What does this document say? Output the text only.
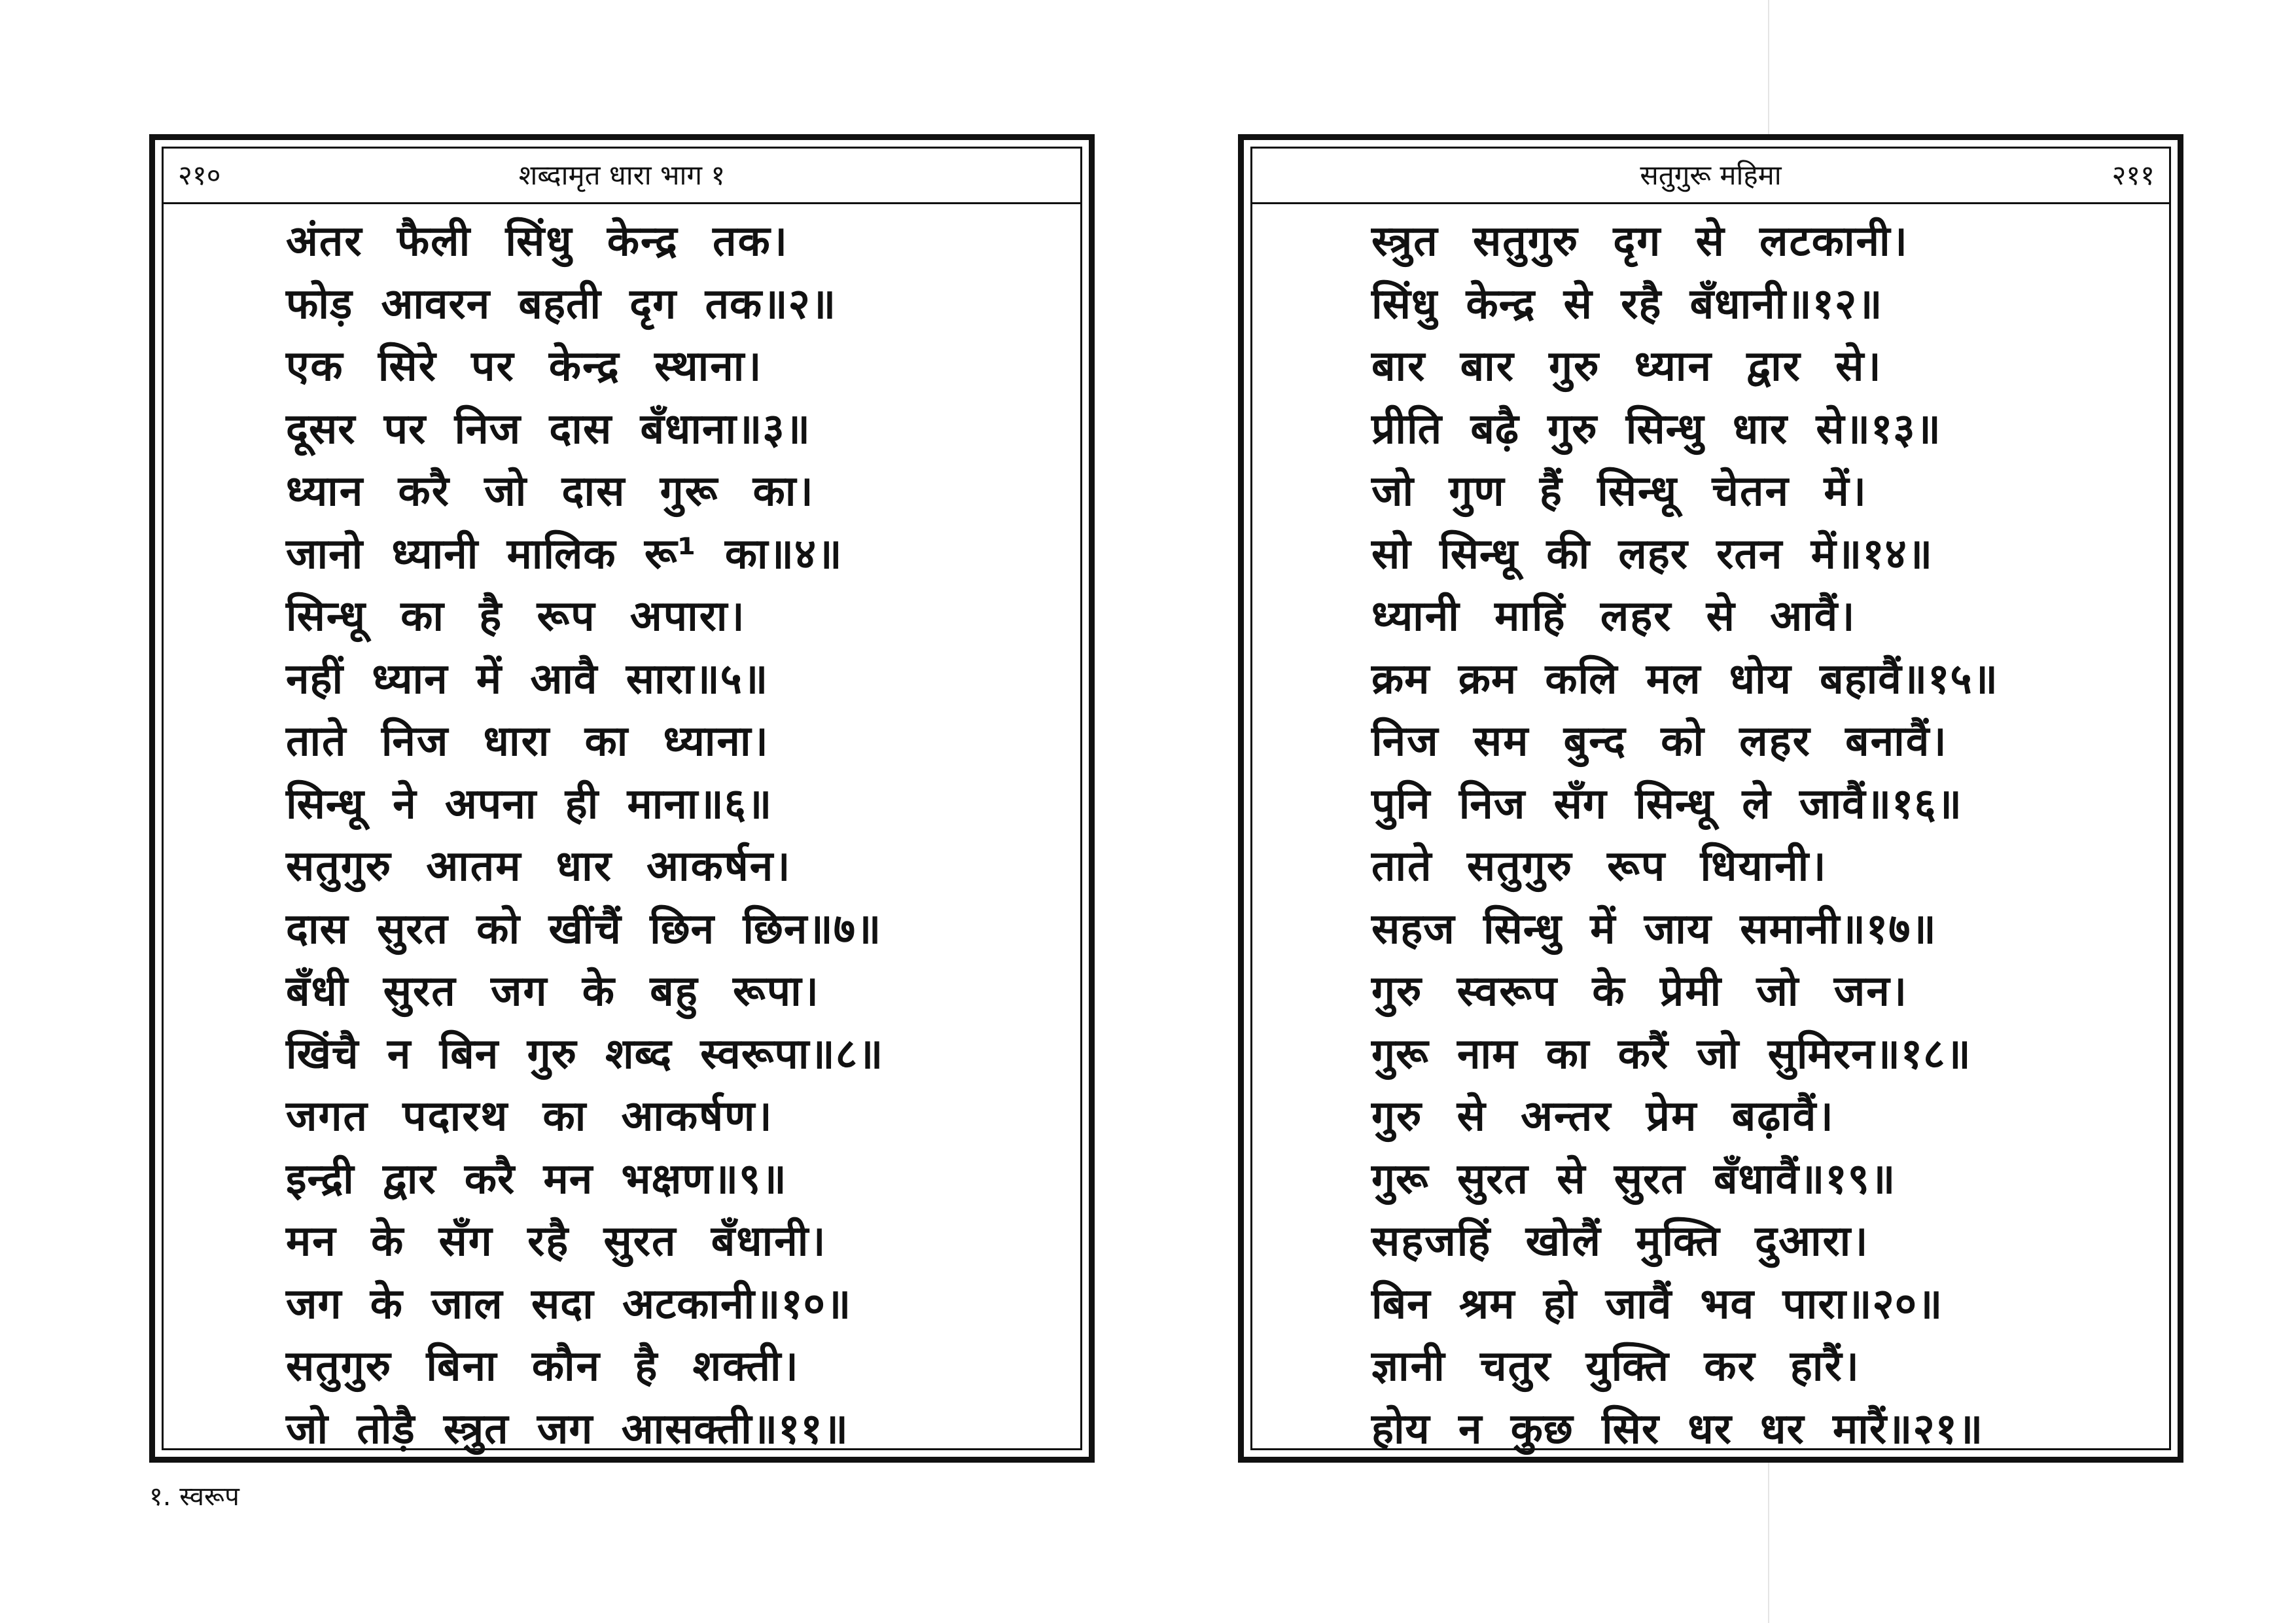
२१०	शब्दामृत धारा भाग १
अंतर फैली सिंधु केन्द्र तक।
फोड़ आवरन बहती दृग तक॥२॥
एक सिरे पर केन्द्र स्थाना।
दूसर पर निज दास बँधाना॥३॥
ध्यान करै जो दास गुरू का।
जानो ध्यानी मालिक रू¹ का॥४॥
सिन्धू का है रूप अपारा।
नहीं ध्यान में आवै सारा॥५॥
ताते निज धारा का ध्याना।
सिन्धू ने अपना ही माना॥६॥
सतुगुरु आतम धार आकर्षन।
दास सुरत को खींचैं छिन छिन॥७॥
बँधी सुरत जग के बहु रूपा।
खिंचै न बिन गुरु शब्द स्वरूपा॥८॥
जगत पदारथ का आकर्षण।
इन्द्री द्वार करै मन भक्षण॥९॥
मन के सँग रहै सुरत बँधानी।
जग के जाल सदा अटकानी॥१०॥
सतुगुरु बिना कौन है शक्ती।
जो तोड़ै स्त्रुत जग आसक्ती॥११॥
सतुगुरू महिमा	२११
स्त्रुत सतुगुरु दृग से लटकानी।
सिंधु केन्द्र से रहै बँधानी॥१२॥
बार बार गुरु ध्यान द्वार से।
प्रीति बढ़ै गुरु सिन्धु धार से॥१३॥
जो गुण हैं सिन्धू चेतन में।
सो सिन्धू की लहर रतन में॥१४॥
ध्यानी माहिं लहर से आवैं।
क्रम क्रम कलि मल धोय बहावैं॥१५॥
निज सम बुन्द को लहर बनावैं।
पुनि निज सँग सिन्धू ले जावैं॥१६॥
ताते सतुगुरु रूप धियानी।
सहज सिन्धु में जाय समानी॥१७॥
गुरु स्वरूप के प्रेमी जो जन।
गुरू नाम का करैं जो सुमिरन॥१८॥
गुरु से अन्तर प्रेम बढ़ावैं।
गुरू सुरत से सुरत बँधावैं॥१९॥
सहजहिं खोलैं मुक्ति दुआरा।
बिन श्रम हो जावैं भव पारा॥२०॥
ज्ञानी चतुर युक्ति कर हारैं।
होय न कुछ सिर धर धर मारैं॥२१॥
१. स्वरूप
